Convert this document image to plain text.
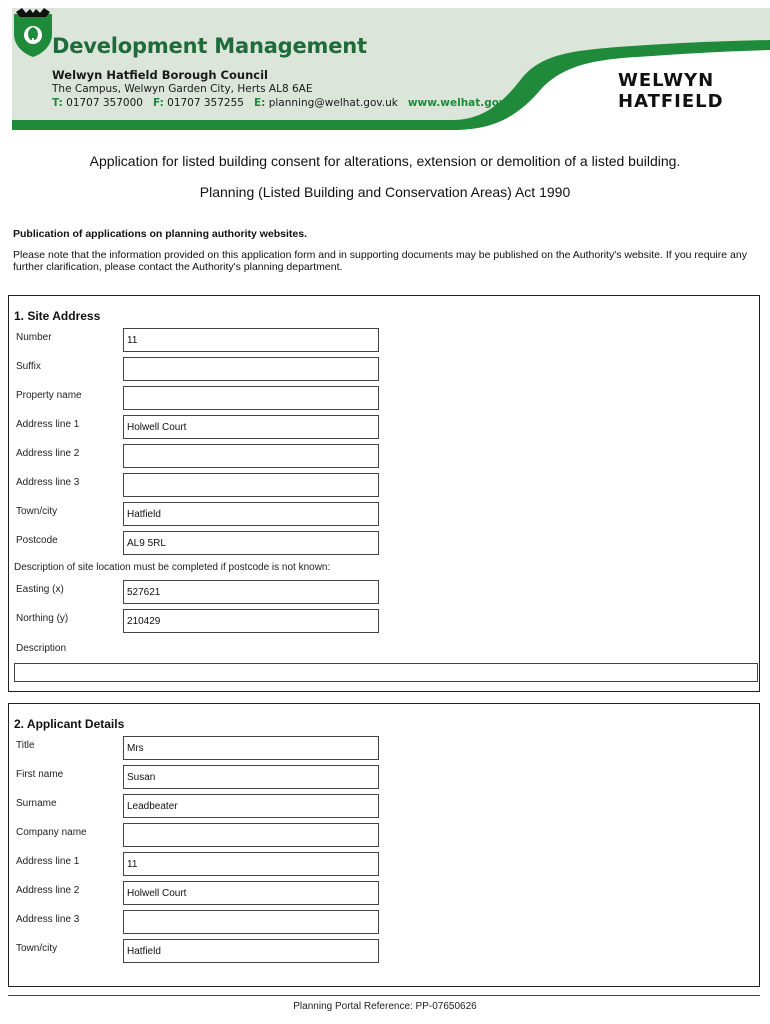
Development Management
Welwyn Hatfield Borough Council
The Campus, Welwyn Garden City, Herts AL8 6AE
T: 01707 357000 F: 01707 357255 E: planning@welhat.gov.uk www.welhat.gov.uk
WELWYN
HATFIELD
Application for listed building consent for alterations, extension or demolition of a listed building.
Planning (Listed Building and Conservation Areas) Act 1990
Publication of applications on planning authority websites.
Please note that the information provided on this application form and in supporting documents may be published on the Authority's website. If you require any further clarification, please contact the Authority's planning department.
1. Site Address
Number	11
Suffix
Property name
Address line 1	Holwell Court
Address line 2
Address line 3
Town/city	Hatfield
Postcode	AL9 5RL
Description of site location must be completed if postcode is not known:
Easting (x)	527621
Northing (y)	210429
Description
2. Applicant Details
Title	Mrs
First name	Susan
Surname	Leadbeater
Company name
Address line 1	11
Address line 2	Holwell Court
Address line 3
Town/city	Hatfield
Planning Portal Reference: PP-07650626
